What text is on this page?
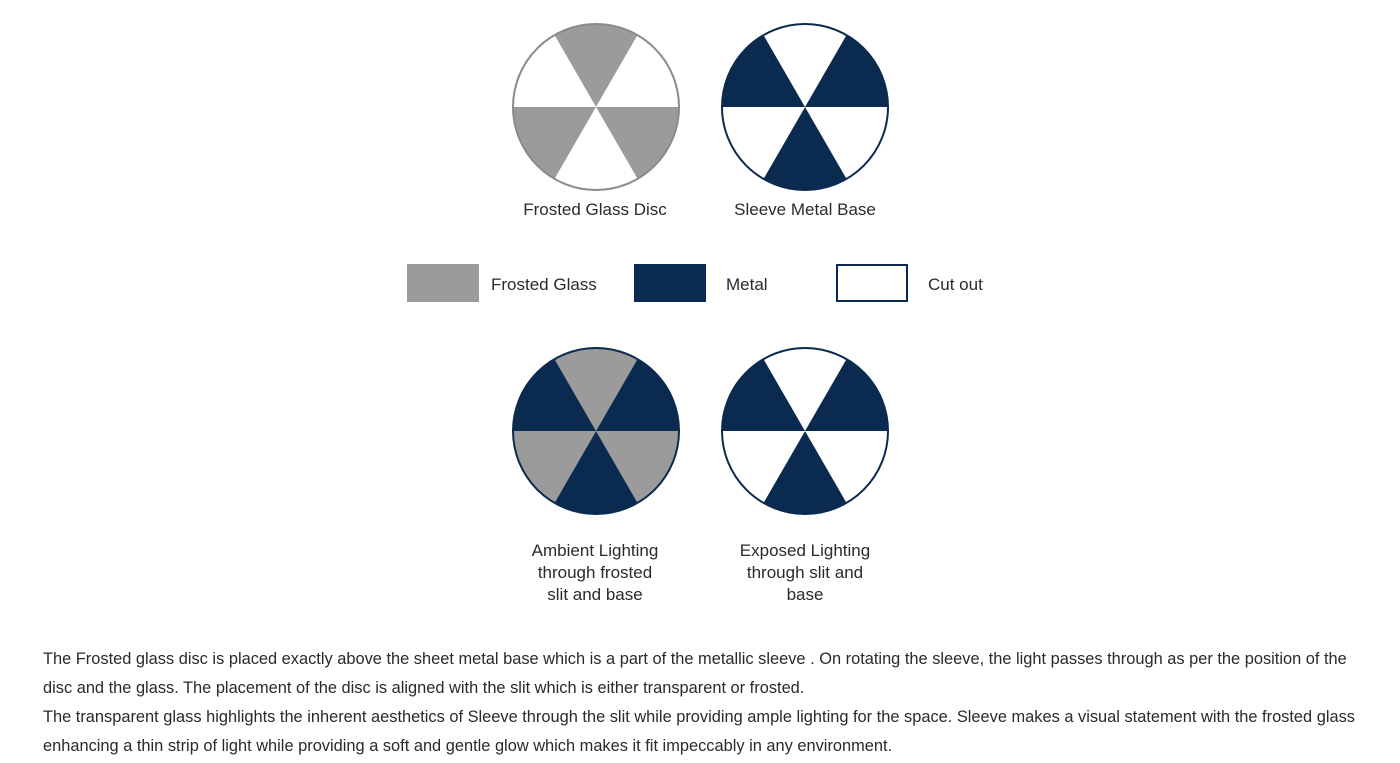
Frosted Glass Disc	Sleeve Metal Base
Frosted Glass	Metal	Cut out
Ambient Lighting
through frosted
slit and base
Exposed Lighting
through slit and
base

The Frosted glass disc is placed exactly above the sheet metal base which is a part of the metallic sleeve . On rotating the sleeve, the light passes through as per the position of the disc and the glass. The placement of the disc is aligned with the slit which is either transparent or frosted.

The transparent glass highlights the inherent aesthetics of Sleeve through the slit while providing ample lighting for the space. Sleeve makes a visual statement with the frosted glass enhancing a thin strip of light while providing a soft and gentle glow which makes it fit impeccably in any environment.
